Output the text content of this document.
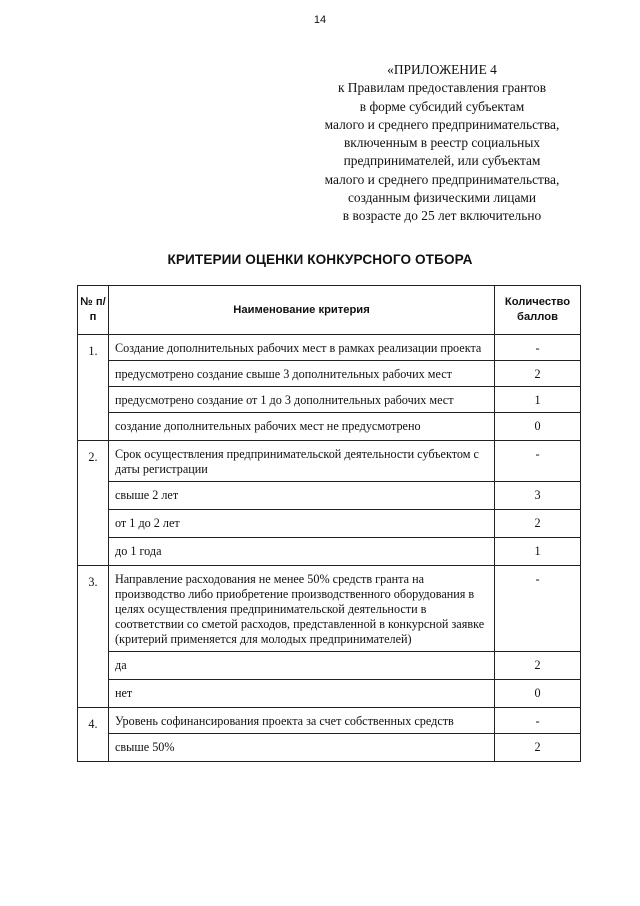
14
«ПРИЛОЖЕНИЕ 4
к Правилам предоставления грантов
в форме субсидий субъектам
малого и среднего предпринимательства,
включенным в реестр социальных
предпринимателей, или субъектам
малого и среднего предпринимательства,
созданным физическими лицами
в возрасте до 25 лет включительно
КРИТЕРИИ ОЦЕНКИ КОНКУРСНОГО ОТБОРА
№ п/п	Наименование критерия	Количество баллов
1.	Создание дополнительных рабочих мест в рамках реализации проекта	-
	предусмотрено создание свыше 3 дополнительных рабочих мест	2
	предусмотрено создание от 1 до 3 дополнительных рабочих мест	1
	создание дополнительных рабочих мест не предусмотрено	0
2.	Срок осуществления предпринимательской деятельности субъектом с даты регистрации	-
	свыше 2 лет	3
	от 1 до 2 лет	2
	до 1 года	1
3.	Направление расходования не менее 50% средств гранта на производство либо приобретение производственного оборудования в целях осуществления предпринимательской деятельности в соответствии со сметой расходов, представленной в конкурсной заявке (критерий применяется для молодых предпринимателей)	-
	да	2
	нет	0
4.	Уровень софинансирования проекта за счет собственных средств	-
	свыше 50%	2
